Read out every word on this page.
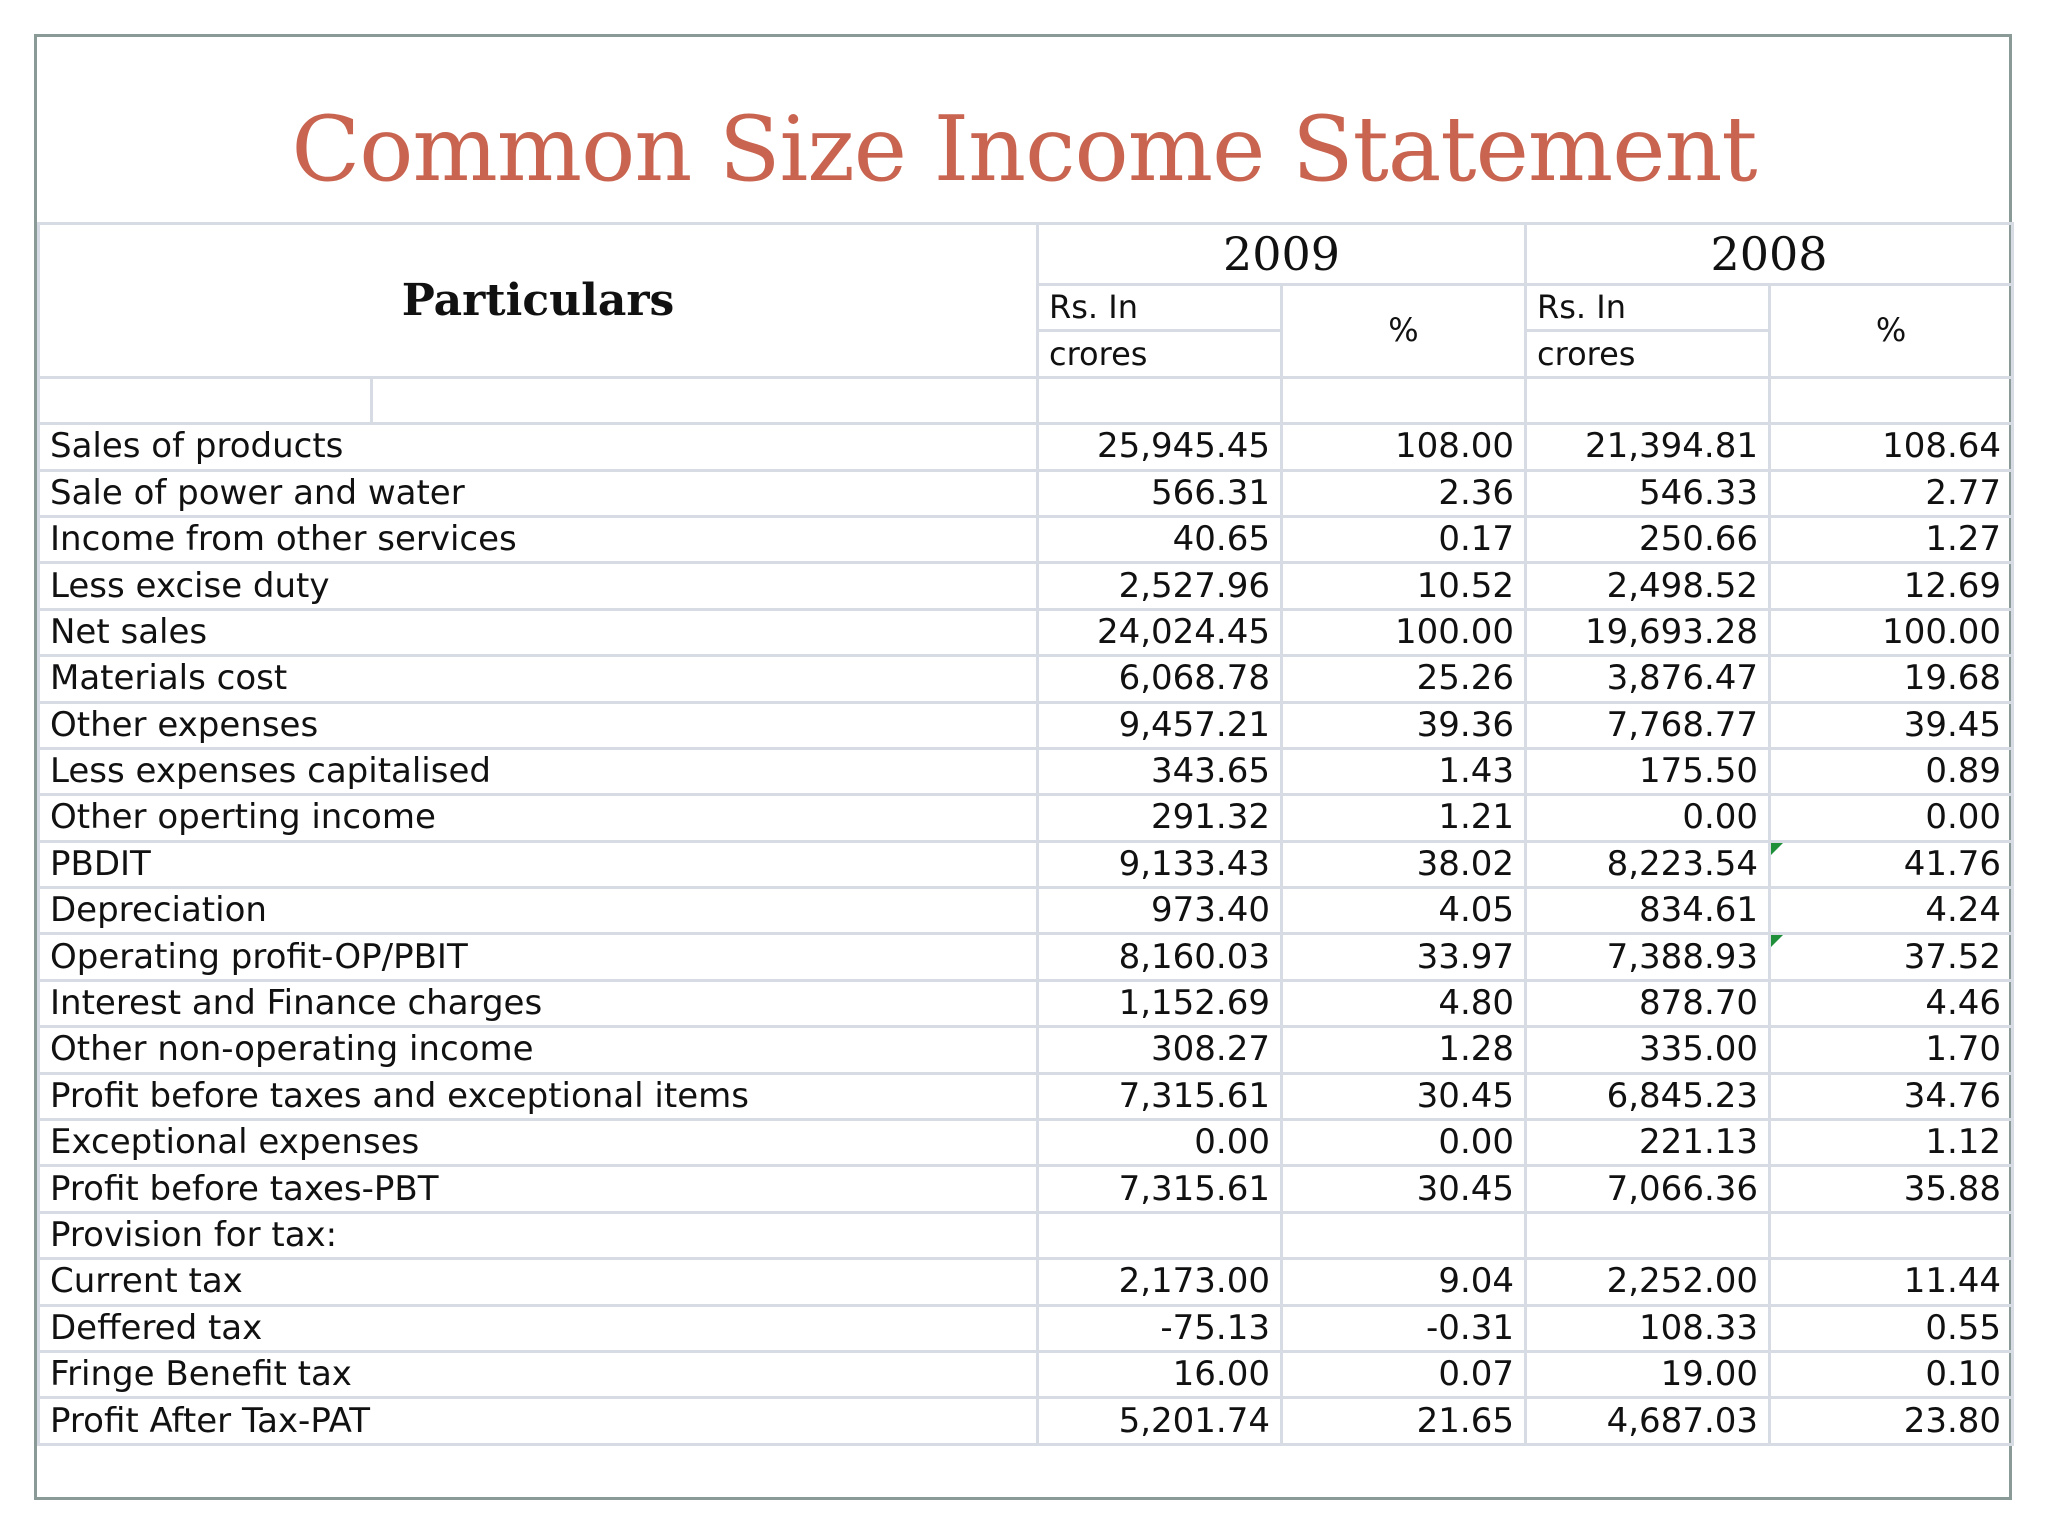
Common Size Income Statement
Particulars		2009		2008	
		Rs. In	%	Rs. In	%
		crores		crores	

Sales of products		25,945.45	108.00	21,394.81	108.64
Sale of power and water		566.31	2.36	546.33	2.77
Income from other services		40.65	0.17	250.66	1.27
Less excise duty		2,527.96	10.52	2,498.52	12.69
Net sales		24,024.45	100.00	19,693.28	100.00
Materials cost		6,068.78	25.26	3,876.47	19.68
Other expenses		9,457.21	39.36	7,768.77	39.45
Less expenses capitalised		343.65	1.43	175.50	0.89
Other operting income		291.32	1.21	0.00	0.00
PBDIT		9,133.43	38.02	8,223.54	41.76
Depreciation		973.40	4.05	834.61	4.24
Operating profit-OP/PBIT		8,160.03	33.97	7,388.93	37.52
Interest and Finance charges		1,152.69	4.80	878.70	4.46
Other non-operating income		308.27	1.28	335.00	1.70
Profit before taxes and exceptional items		7,315.61	30.45	6,845.23	34.76
Exceptional expenses		0.00	0.00	221.13	1.12
Profit before taxes-PBT		7,315.61	30.45	7,066.36	35.88
Provision for tax:					
Current tax		2,173.00	9.04	2,252.00	11.44
Deffered tax		-75.13	-0.31	108.33	0.55
Fringe Benefit tax		16.00	0.07	19.00	0.10
Profit After Tax-PAT		5,201.74	21.65	4,687.03	23.80
